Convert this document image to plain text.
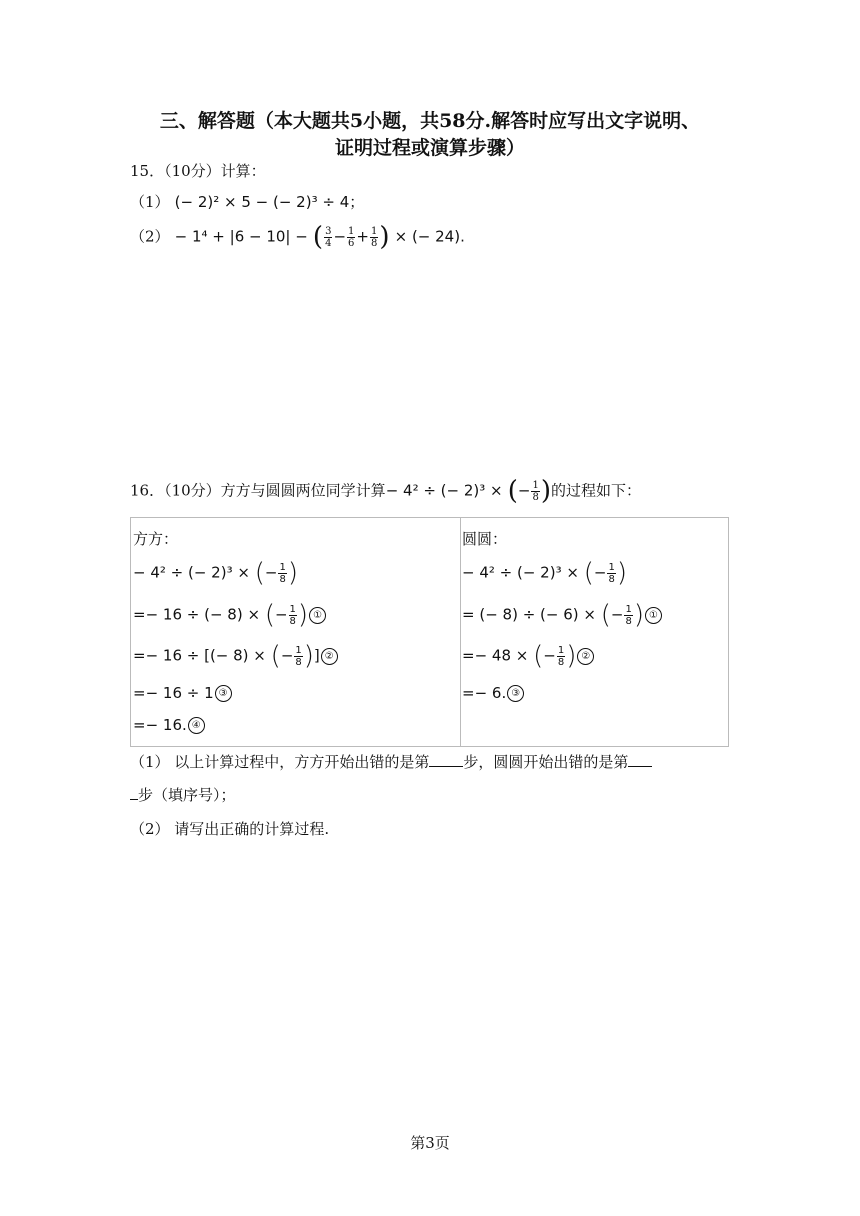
三、解答题（本大题共5小题，共58分.解答时应写出文字说明、
证明过程或演算步骤）
15．（10分）计算：
（1） (− 2)² × 5 − (− 2)³ ÷ 4；
（2） − 1⁴ + |6 − 10| − ( $\frac{3}{4} - \frac{1}{6} + \frac{1}{8}$ ) × (− 24).
16．（10分）方方与圆圆两位同学计算− 4² ÷ (− 2)³ × (− $\frac{1}{8}$ )的过程如下：
方方：
− 4² ÷ (− 2)³ × (− $\frac{1}{8}$ )
=− 16 ÷ (− 8) × (− $\frac{1}{8}$ ) ①
=− 16 ÷ [(− 8) × (− $\frac{1}{8}$ )] ②
=− 16 ÷ 1 ③
=− 16. ④
圆圆：
− 4² ÷ (− 2)³ × (− $\frac{1}{8}$ )
= (− 8) ÷ (− 6) × (− $\frac{1}{8}$ ) ①
=− 48 × (− $\frac{1}{8}$ ) ②
=− 6. ③
（1） 以上计算过程中，方方开始出错的是第 步，圆圆开始出错的是第
步（填序号）；
（2） 请写出正确的计算过程.
第3页
